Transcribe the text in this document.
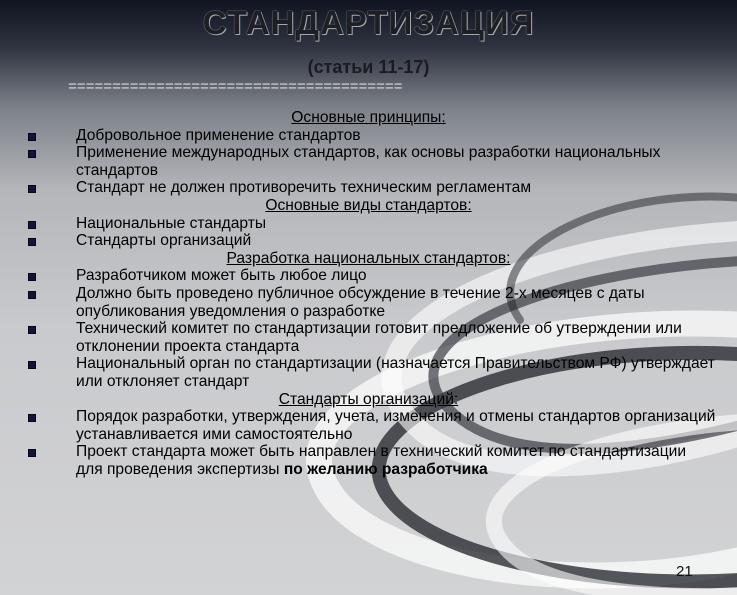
СТАНДАРТИЗАЦИЯ
(статьи 11-17)
======================================
Основные принципы:
Добровольное применение стандартов
Применение международных стандартов, как основы разработки национальных стандартов
Стандарт не должен противоречить техническим регламентам
Основные виды стандартов:
Национальные стандарты
Стандарты организаций
Разработка национальных стандартов:
Разработчиком может быть любое лицо
Должно быть проведено публичное обсуждение в течение 2-х месяцев с даты опубликования уведомления о разработке
Технический комитет по стандартизации готовит предложение об утверждении или отклонении проекта стандарта
Национальный орган по стандартизации (назначается Правительством РФ) утверждает или отклоняет стандарт
Стандарты организаций:
Порядок разработки, утверждения, учета, изменения и отмены стандартов организаций устанавливается ими самостоятельно
Проект стандарта может быть направлен в технический комитет по стандартизации для проведения экспертизы по желанию разработчика
21
